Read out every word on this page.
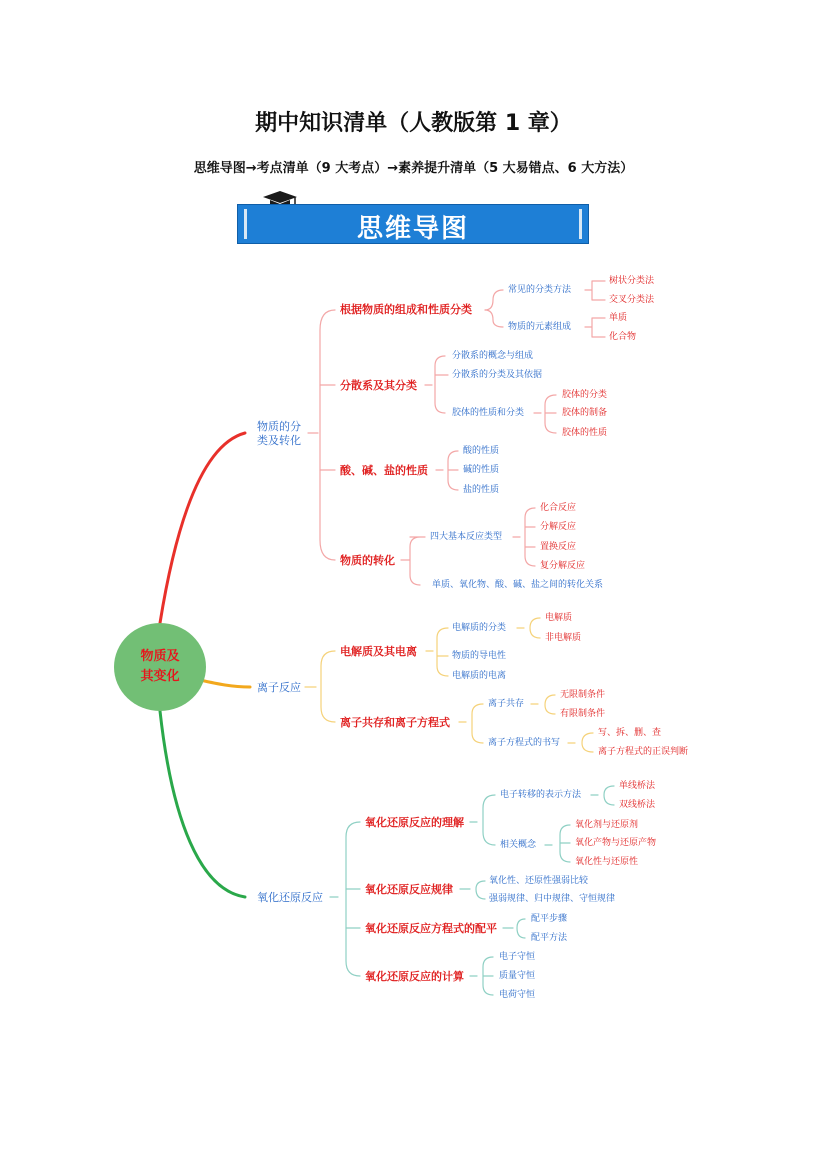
期中知识清单（人教版第 1 章）
思维导图→考点清单（9 大考点）→素养提升清单（5 大易错点、6 大方法）
思维导图
物质及
其变化
物质的分
类及转化
根据物质的组成和性质分类
常见的分类方法
树状分类法
交叉分类法
物质的元素组成
单质
化合物
分散系及其分类
分散系的概念与组成
分散系的分类及其依据
胶体的性质和分类
胶体的分类
胶体的制备
胶体的性质
酸、碱、盐的性质
酸的性质
碱的性质
盐的性质
物质的转化
四大基本反应类型
化合反应
分解反应
置换反应
复分解反应
单质、氧化物、酸、碱、盐之间的转化关系
离子反应
电解质及其电离
电解质的分类
电解质
非电解质
物质的导电性
电解质的电离
离子共存和离子方程式
离子共存
无限制条件
有限制条件
离子方程式的书写
写、拆、删、查
离子方程式的正误判断
氧化还原反应
氧化还原反应的理解
电子转移的表示方法
单线桥法
双线桥法
相关概念
氧化剂与还原剂
氧化产物与还原产物
氧化性与还原性
氧化还原反应规律
氧化性、还原性强弱比较
强弱规律、归中规律、守恒规律
氧化还原反应方程式的配平
配平步骤
配平方法
氧化还原反应的计算
电子守恒
质量守恒
电荷守恒
